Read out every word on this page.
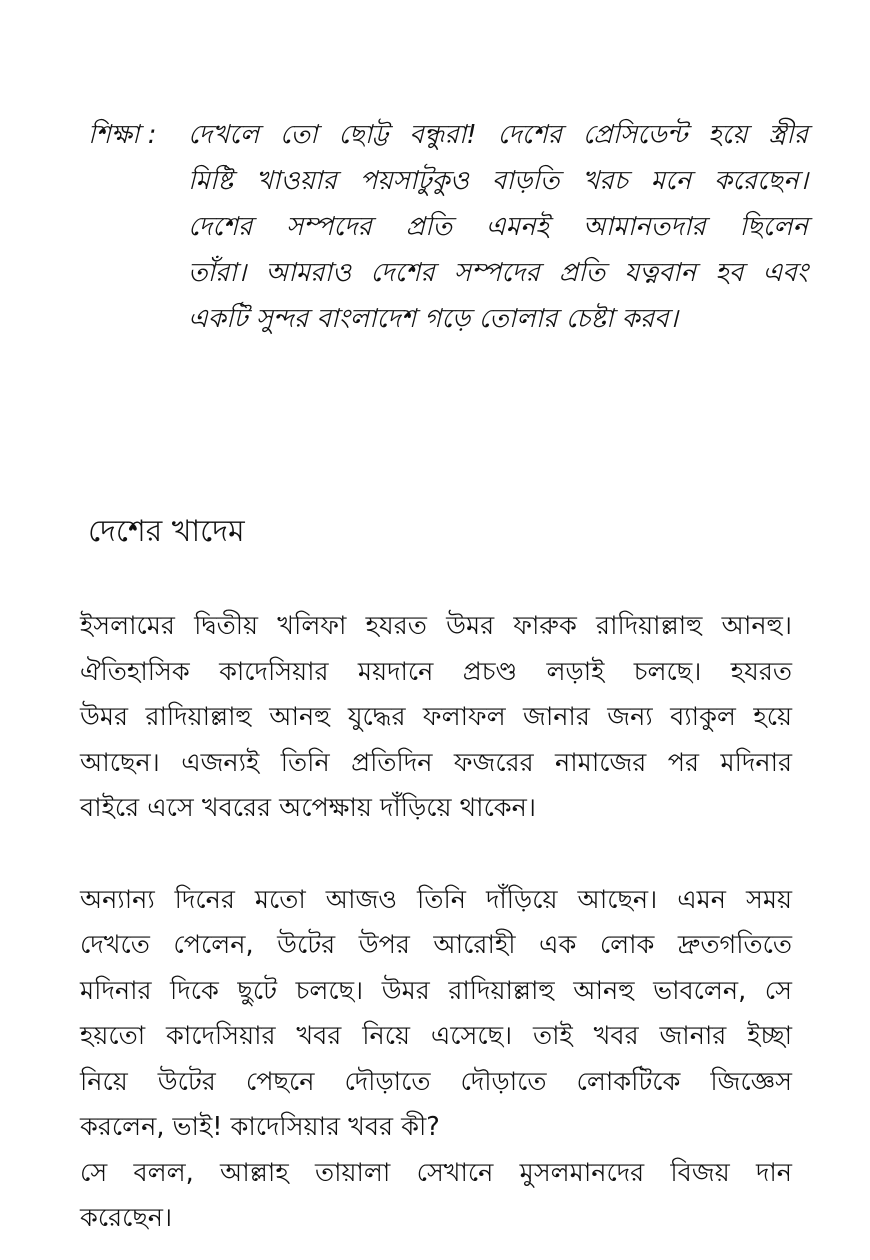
শিক্ষা :	দেখলে তো ছোট্ট বন্ধুরা! দেশের প্রেসিডেন্ট হয়ে স্ত্রীর
মিষ্টি খাওয়ার পয়সাটুকুও বাড়তি খরচ মনে করেছেন।
দেশের সম্পদের প্রতি এমনই আমানতদার ছিলেন
তাঁরা। আমরাও দেশের সম্পদের প্রতি যত্নবান হব এবং
একটি সুন্দর বাংলাদেশ গড়ে তোলার চেষ্টা করব।
দেশের খাদেম
ইসলামের দ্বিতীয় খলিফা হযরত উমর ফারুক রাদিয়াল্লাহু আনহু।
ঐতিহাসিক কাদেসিয়ার ময়দানে প্রচণ্ড লড়াই চলছে। হযরত
উমর রাদিয়াল্লাহু আনহু যুদ্ধের ফলাফল জানার জন্য ব্যাকুল হয়ে
আছেন। এজন্যই তিনি প্রতিদিন ফজরের নামাজের পর মদিনার
বাইরে এসে খবরের অপেক্ষায় দাঁড়িয়ে থাকেন।
অন্যান্য দিনের মতো আজও তিনি দাঁড়িয়ে আছেন। এমন সময়
দেখতে পেলেন, উটের উপর আরোহী এক লোক দ্রুতগতিতে
মদিনার দিকে ছুটে চলছে। উমর রাদিয়াল্লাহু আনহু ভাবলেন, সে
হয়তো কাদেসিয়ার খবর নিয়ে এসেছে। তাই খবর জানার ইচ্ছা
নিয়ে উটের পেছনে দৌড়াতে দৌড়াতে লোকটিকে জিজ্ঞেস
করলেন, ভাই! কাদেসিয়ার খবর কী?
সে বলল, আল্লাহ তায়ালা সেখানে মুসলমানদের বিজয় দান
করেছেন।
